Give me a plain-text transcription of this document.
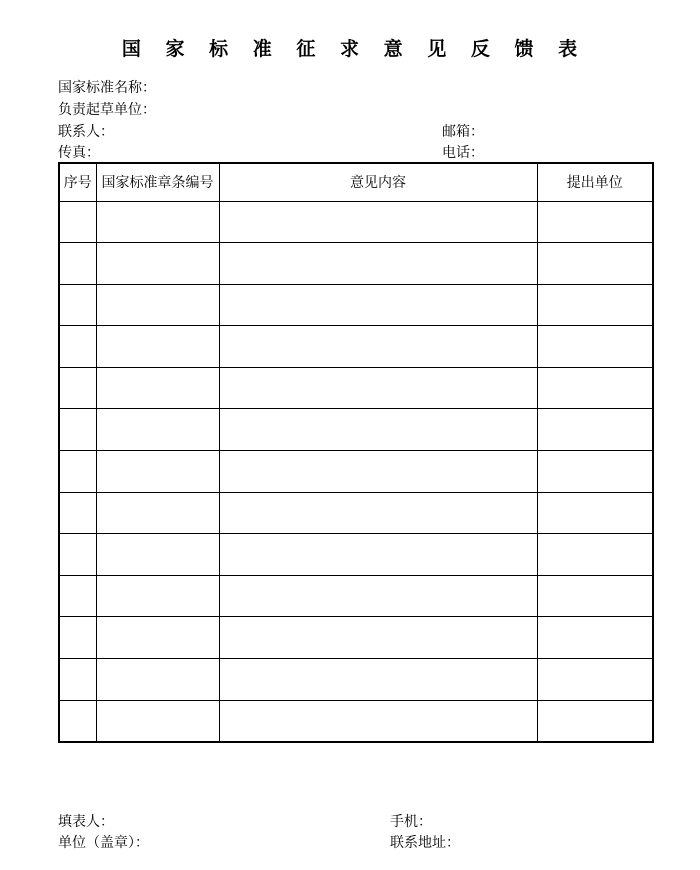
国 家 标 准 征 求 意 见 反 馈 表
国家标准名称：
负责起草单位：
联系人：	邮箱：
传真：	电话：
序号	国家标准章条编号	意见内容	提出单位

填表人：	手机：
单位（盖章）：	联系地址：
